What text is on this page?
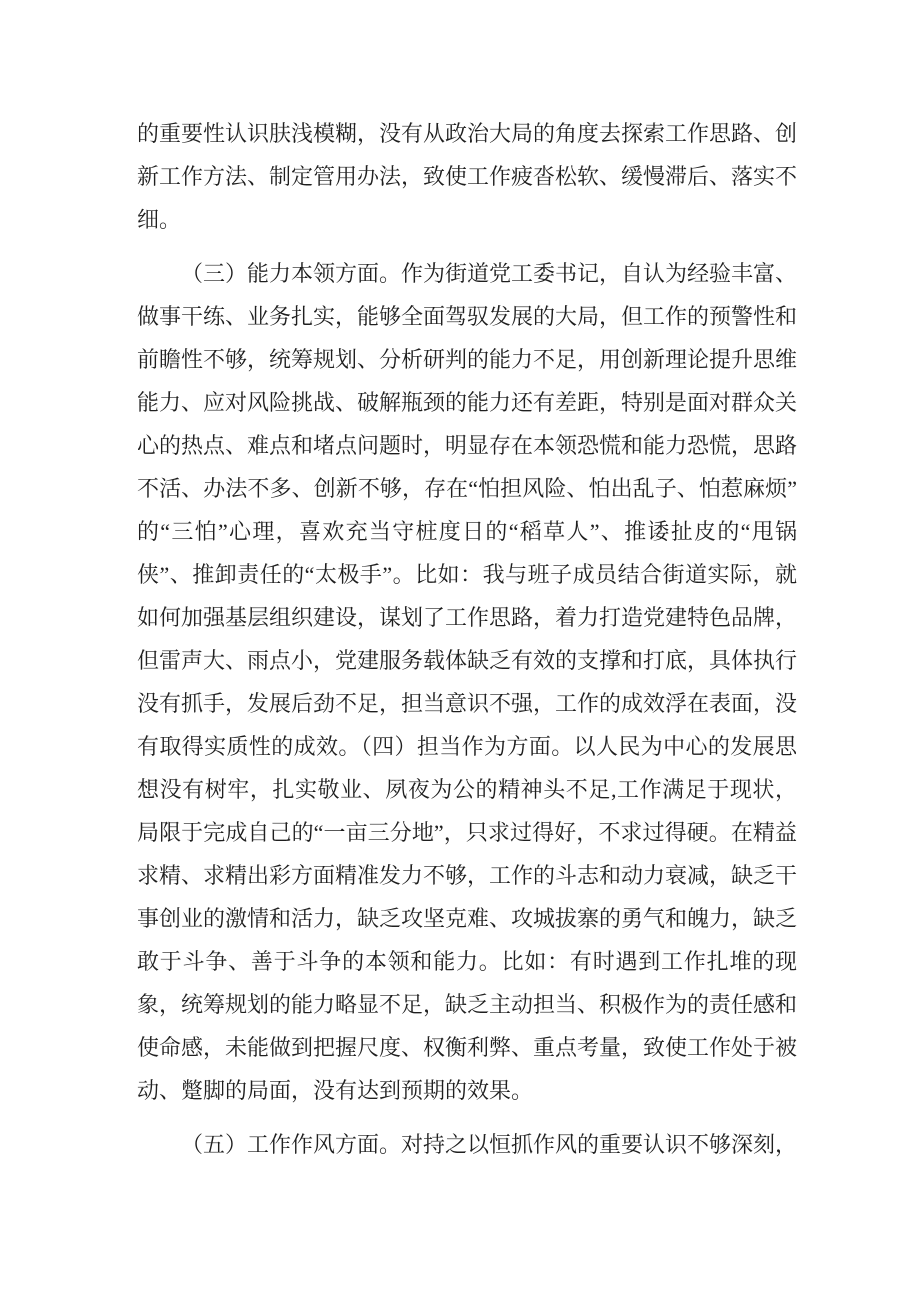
的重要性认识肤浅模糊，没有从政治大局的角度去探索工作思路、创新工作方法、制定管用办法，致使工作疲沓松软、缓慢滞后、落实不细。

（三）能力本领方面。作为街道党工委书记，自认为经验丰富、做事干练、业务扎实，能够全面驾驭发展的大局，但工作的预警性和前瞻性不够，统筹规划、分析研判的能力不足，用创新理论提升思维能力、应对风险挑战、破解瓶颈的能力还有差距，特别是面对群众关心的热点、难点和堵点问题时，明显存在本领恐慌和能力恐慌，思路不活、办法不多、创新不够，存在“怕担风险、怕出乱子、怕惹麻烦”的“三怕”心理，喜欢充当守桩度日的“稻草人”、推诿扯皮的“甩锅侠”、推卸责任的“太极手”。比如：我与班子成员结合街道实际，就如何加强基层组织建设，谋划了工作思路，着力打造党建特色品牌，但雷声大、雨点小，党建服务载体缺乏有效的支撑和打底，具体执行没有抓手，发展后劲不足，担当意识不强，工作的成效浮在表面，没有取得实质性的成效。（四）担当作为方面。以人民为中心的发展思想没有树牢，扎实敬业、夙夜为公的精神头不足,工作满足于现状，局限于完成自己的“一亩三分地”，只求过得好，不求过得硬。在精益求精、求精出彩方面精准发力不够，工作的斗志和动力衰减，缺乏干事创业的激情和活力，缺乏攻坚克难、攻城拔寨的勇气和魄力，缺乏敢于斗争、善于斗争的本领和能力。比如：有时遇到工作扎堆的现象，统筹规划的能力略显不足，缺乏主动担当、积极作为的责任感和使命感，未能做到把握尺度、权衡利弊、重点考量，致使工作处于被动、蹩脚的局面，没有达到预期的效果。

（五）工作作风方面。对持之以恒抓作风的重要认识不够深刻，
